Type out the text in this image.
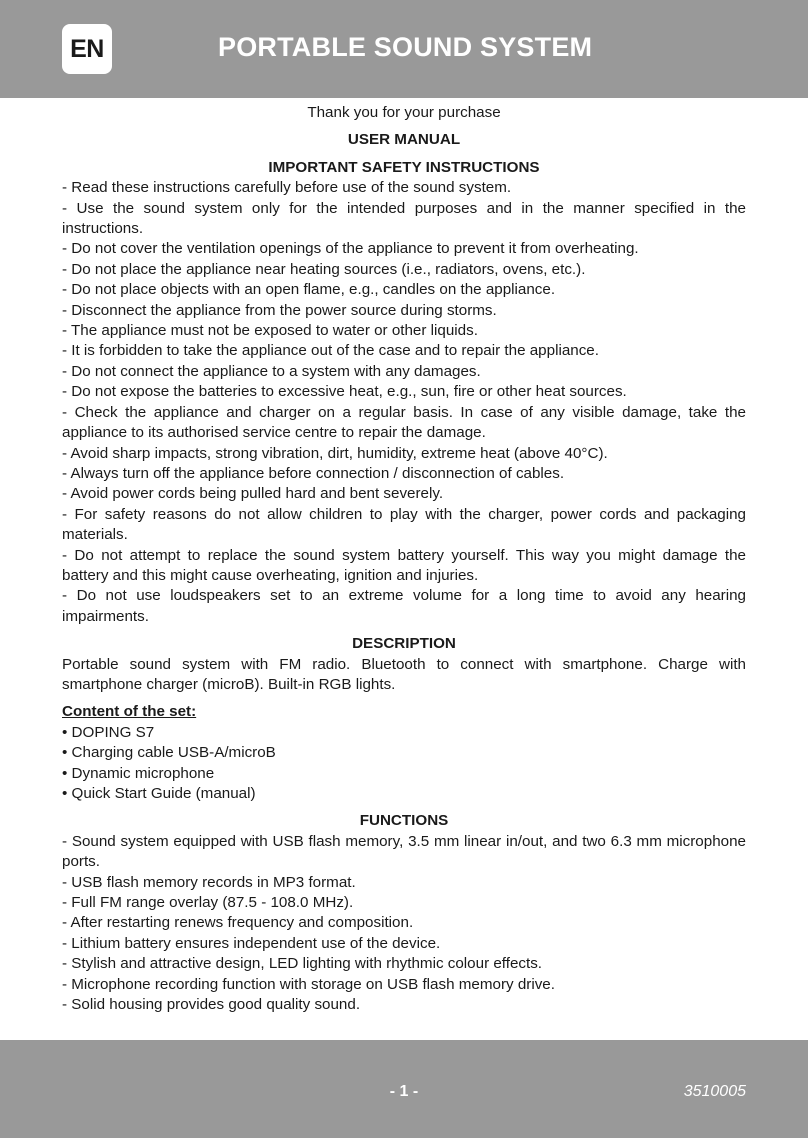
EN	PORTABLE SOUND SYSTEM

Thank you for your purchase

USER MANUAL

IMPORTANT SAFETY INSTRUCTIONS

- Read these instructions carefully before use of the sound system.

- Use the sound system only for the intended purposes and in the manner specified in the instructions.

- Do not cover the ventilation openings of the appliance to prevent it from overheating.

- Do not place the appliance near heating sources (i.e., radiators, ovens, etc.).

- Do not place objects with an open flame, e.g., candles on the appliance.

- Disconnect the appliance from the power source during storms.

- The appliance must not be exposed to water or other liquids.

- It is forbidden to take the appliance out of the case and to repair the appliance.

- Do not connect the appliance to a system with any damages.

- Do not expose the batteries to excessive heat, e.g., sun, fire or other heat sources.

- Check the appliance and charger on a regular basis. In case of any visible damage, take the appliance to its authorised service centre to repair the damage.

- Avoid sharp impacts, strong vibration, dirt, humidity, extreme heat (above 40°C).

- Always turn off the appliance before connection / disconnection of cables.

- Avoid power cords being pulled hard and bent severely.

- For safety reasons do not allow children to play with the charger, power cords and packaging materials.

- Do not attempt to replace the sound system battery yourself. This way you might damage the battery and this might cause overheating, ignition and injuries.

- Do not use loudspeakers set to an extreme volume for a long time to avoid any hearing impairments.

DESCRIPTION

Portable sound system with FM radio. Bluetooth to connect with smartphone. Charge with smartphone charger (microB). Built-in RGB lights.

Content of the set:

• DOPING S7

• Charging cable USB-A/microB

• Dynamic microphone

• Quick Start Guide (manual)

FUNCTIONS

- Sound system equipped with USB flash memory, 3.5 mm linear in/out, and two 6.3 mm microphone ports.

- USB flash memory records in MP3 format.

- Full FM range overlay (87.5 - 108.0 MHz).

- After restarting renews frequency and composition.

- Lithium battery ensures independent use of the device.

- Stylish and attractive design, LED lighting with rhythmic colour effects.

- Microphone recording function with storage on USB flash memory drive.

- Solid housing provides good quality sound.

- 1 -	3510005
